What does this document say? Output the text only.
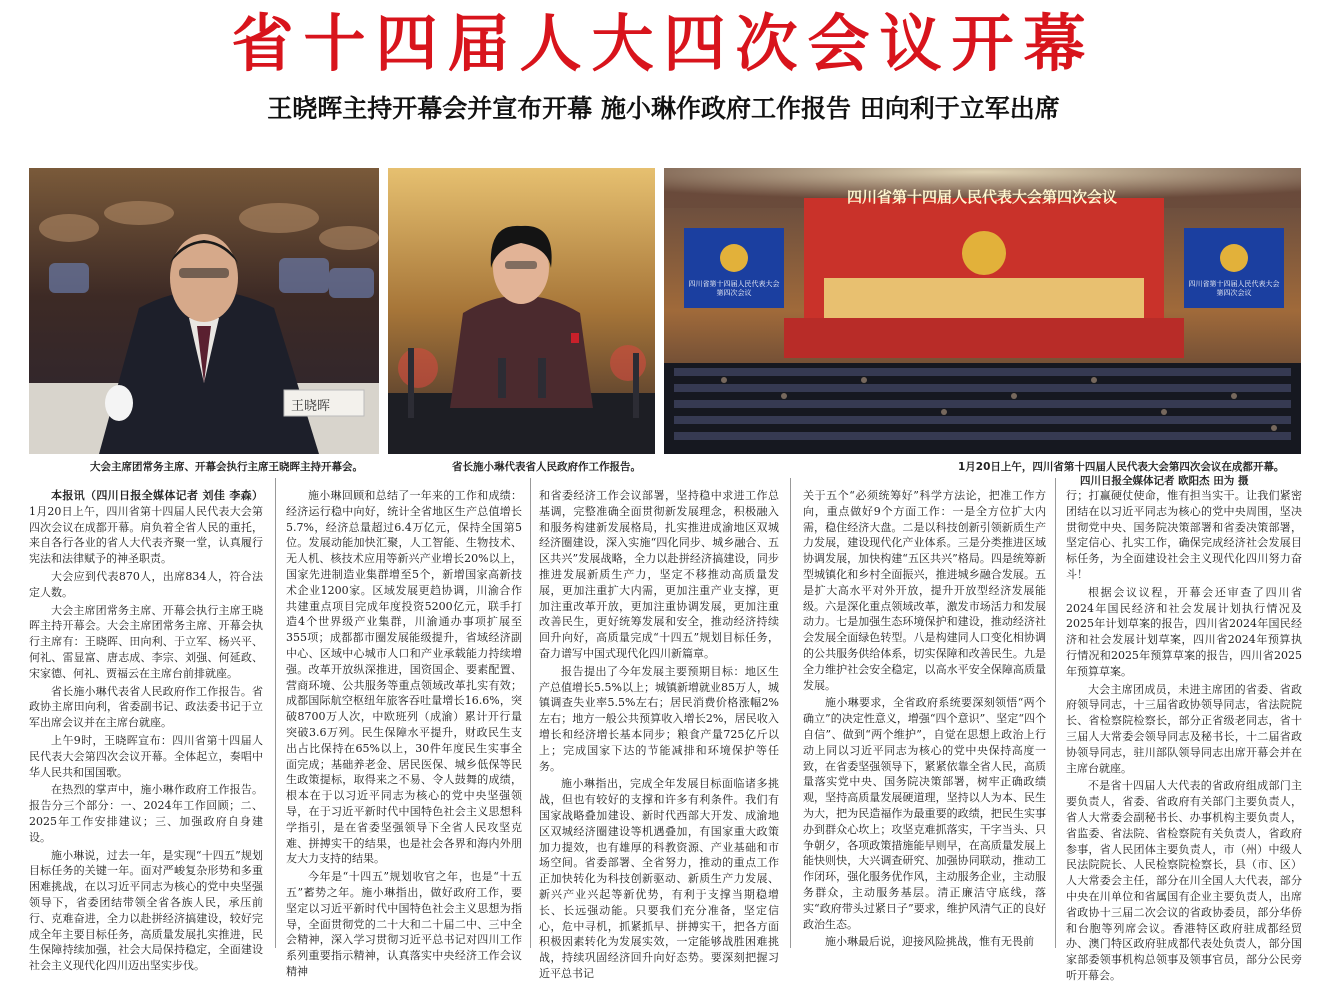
省十四届人大四次会议开幕
王晓晖主持开幕会并宣布开幕 施小琳作政府工作报告 田向利于立军出席
王晓晖
大会主席团常务主席、开幕会执行主席王晓晖主持开幕会。	省长施小琳代表省人民政府作工作报告。
四川省第十四届人民代表大会第四次会议
四川省第十四届人民代表大会第四次会议
四川省第十四届人民代表大会第四次会议
1月20日上午，四川省第十四届人民代表大会第四次会议在成都开幕。
四川日报全媒体记者 欧阳杰 田为 摄

本报讯（四川日报全媒体记者 刘佳 李森）1月20日上午，四川省第十四届人民代表大会第四次会议在成都开幕。肩负着全省人民的重托，来自各行各业的省人大代表齐聚一堂，认真履行宪法和法律赋予的神圣职责。

大会应到代表870人，出席834人，符合法定人数。

大会主席团常务主席、开幕会执行主席王晓晖主持开幕会。大会主席团常务主席、开幕会执行主席有：王晓晖、田向利、于立军、杨兴平、何礼、雷显富、唐志成、李宗、刘强、何延政、宋家德、何礼、贾福云在主席台前排就座。

省长施小琳代表省人民政府作工作报告。省政协主席田向利，省委副书记、政法委书记于立军出席会议并在主席台就座。

上午9时，王晓晖宣布：四川省第十四届人民代表大会第四次会议开幕。全体起立，奏唱中华人民共和国国歌。

在热烈的掌声中，施小琳作政府工作报告。报告分三个部分：一、2024年工作回顾；二、2025年工作安排建议；三、加强政府自身建设。

施小琳说，过去一年，是实现“十四五”规划目标任务的关键一年。面对严峻复杂形势和多重困难挑战，在以习近平同志为核心的党中央坚强领导下，省委团结带领全省各族人民，承压前行、克难奋进，全力以赴拼经济搞建设，较好完成全年主要目标任务，高质量发展扎实推进，民生保障持续加强，社会大局保持稳定，全面建设社会主义现代化四川迈出坚实步伐。

施小琳回顾和总结了一年来的工作和成绩：经济运行稳中向好，统计全省地区生产总值增长5.7%，经济总量超过6.4万亿元，保持全国第5位。发展动能加快汇聚，人工智能、生物技术、无人机、核技术应用等新兴产业增长20%以上，国家先进制造业集群增至5个，新增国家高新技术企业1200家。区域发展更趋协调，川渝合作共建重点项目完成年度投资5200亿元，联手打造4个世界级产业集群，川渝通办事项扩展至355项；成都都市圈发展能级提升，省域经济副中心、区域中心城市人口和产业承载能力持续增强。改革开放纵深推进，国资国企、要素配置、营商环境、公共服务等重点领域改革扎实有效；成都国际航空枢纽年旅客吞吐量增长16.6%，突破8700万人次，中欧班列（成渝）累计开行量突破3.6万列。民生保障水平提升，财政民生支出占比保持在65%以上，30件年度民生实事全面完成；基础养老金、居民医保、城乡低保等民生政策提标，取得来之不易、令人鼓舞的成绩，根本在于以习近平同志为核心的党中央坚强领导，在于习近平新时代中国特色社会主义思想科学指引，是在省委坚强领导下全省人民攻坚克难、拼搏实干的结果，也是社会各界和海内外朋友大力支持的结果。

今年是“十四五”规划收官之年，也是“十五五”蓄势之年。施小琳指出，做好政府工作，要坚定以习近平新时代中国特色社会主义思想为指导，全面贯彻党的二十大和二十届二中、三中全会精神，深入学习贯彻习近平总书记对四川工作系列重要指示精神，认真落实中央经济工作会议精神

和省委经济工作会议部署，坚持稳中求进工作总基调，完整准确全面贯彻新发展理念，积极融入和服务构建新发展格局，扎实推进成渝地区双城经济圈建设，深入实施“四化同步、城乡融合、五区共兴”发展战略，全力以赴拼经济搞建设，同步推进发展新质生产力，坚定不移推动高质量发展，更加注重扩大内需，更加注重产业支撑，更加注重改革开放，更加注重协调发展，更加注重改善民生，更好统筹发展和安全，推动经济持续回升向好，高质量完成“十四五”规划目标任务，奋力谱写中国式现代化四川新篇章。

报告提出了今年发展主要预期目标：地区生产总值增长5.5%以上；城镇新增就业85万人，城镇调查失业率5.5%左右；居民消费价格涨幅2%左右；地方一般公共预算收入增长2%，居民收入增长和经济增长基本同步；粮食产量725亿斤以上；完成国家下达的节能减排和环境保护等任务。

施小琳指出，完成全年发展目标面临诸多挑战，但也有较好的支撑和许多有利条件。我们有国家战略叠加建设、新时代西部大开发、成渝地区双城经济圈建设等机遇叠加，有国家重大政策加力提效，也有雄厚的科教资源、产业基础和市场空间。省委部署、全省努力，推动的重点工作正加快转化为科技创新驱动、新质生产力发展、新兴产业兴起等新优势，有利于支撑当期稳增长、长远强动能。只要我们充分准备，坚定信心，危中寻机，抓紧抓早、拼搏实干，把各方面积极因素转化为发展实效，一定能够战胜困难挑战，持续巩固经济回升向好态势。要深刻把握习近平总书记

关于五个“必须统筹好”科学方法论，把准工作方向，重点做好9个方面工作：一是全方位扩大内需，稳住经济大盘。二是以科技创新引领新质生产力发展，建设现代化产业体系。三是分类推进区域协调发展，加快构建“五区共兴”格局。四是统筹新型城镇化和乡村全面振兴，推进城乡融合发展。五是扩大高水平对外开放，提升开放型经济发展能级。六是深化重点领域改革，激发市场活力和发展动力。七是加强生态环境保护和建设，推动经济社会发展全面绿色转型。八是构建同人口变化相协调的公共服务供给体系，切实保障和改善民生。九是全力维护社会安全稳定，以高水平安全保障高质量发展。

施小琳要求，全省政府系统要深刻领悟“两个确立”的决定性意义，增强“四个意识”、坚定“四个自信”、做到“两个维护”，自觉在思想上政治上行动上同以习近平同志为核心的党中央保持高度一致，在省委坚强领导下，紧紧依靠全省人民，高质量落实党中央、国务院决策部署，树牢正确政绩观，坚持高质量发展硬道理，坚持以人为本、民生为大，把为民造福作为最重要的政绩，把民生实事办到群众心坎上；攻坚克难抓落实，干字当头、只争朝夕，各项政策措施能早则早，在高质量发展上能快则快，大兴调查研究、加强协同联动，推动工作闭环，强化服务优作风，主动服务企业，主动服务群众，主动服务基层。清正廉洁守底线，落实“政府带头过紧日子”要求，维护风清气正的良好政治生态。

施小琳最后说，迎接风险挑战，惟有无畏前

行；打赢硬仗使命，惟有担当实干。让我们紧密团结在以习近平同志为核心的党中央周围，坚决贯彻党中央、国务院决策部署和省委决策部署，坚定信心、扎实工作，确保完成经济社会发展目标任务，为全面建设社会主义现代化四川努力奋斗！

根据会议议程，开幕会还审查了四川省2024年国民经济和社会发展计划执行情况及2025年计划草案的报告，四川省2024年国民经济和社会发展计划草案，四川省2024年预算执行情况和2025年预算草案的报告，四川省2025年预算草案。

大会主席团成员，未进主席团的省委、省政府领导同志，十三届省政协领导同志，省法院院长、省检察院检察长，部分正省级老同志，省十三届人大常委会领导同志及秘书长，十二届省政协领导同志，驻川部队领导同志出席开幕会并在主席台就座。

不是省十四届人大代表的省政府组成部门主要负责人，省委、省政府有关部门主要负责人，省人大常委会副秘书长、办事机构主要负责人，省监委、省法院、省检察院有关负责人，省政府参事，省人民团体主要负责人，市（州）中级人民法院院长、人民检察院检察长，县（市、区）人大常委会主任，部分在川全国人大代表，部分中央在川单位和省属国有企业主要负责人，出席省政协十三届二次会议的省政协委员，部分华侨和台胞等列席会议。香港特区政府驻成都经贸办、澳门特区政府驻成都代表处负责人，部分国家部委领事机构总领事及领事官员，部分公民旁听开幕会。
